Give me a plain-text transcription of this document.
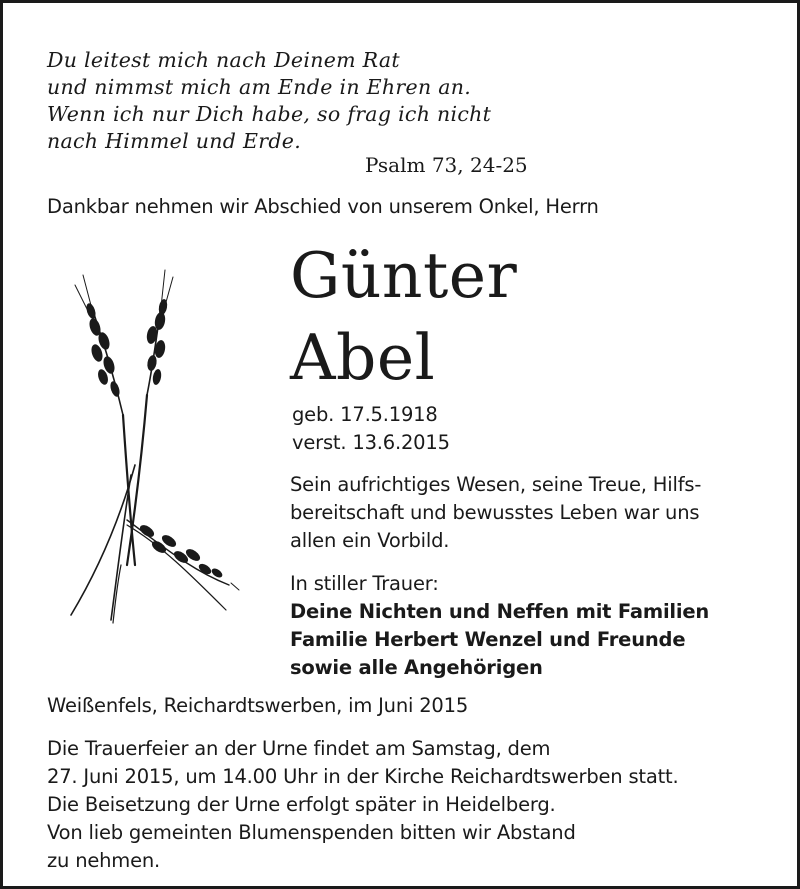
Du leitest mich nach Deinem Rat
und nimmst mich am Ende in Ehren an.
Wenn ich nur Dich habe, so frag ich nicht
nach Himmel und Erde.
Psalm 73, 24-25
Dankbar nehmen wir Abschied von unserem Onkel, Herrn
Günter
Abel
geb. 17.5.1918
verst. 13.6.2015
Sein aufrichtiges Wesen, seine Treue, Hilfs-
bereitschaft und bewusstes Leben war uns
allen ein Vorbild.
In stiller Trauer:
Deine Nichten und Neffen mit Familien
Familie Herbert Wenzel und Freunde
sowie alle Angehörigen
Weißenfels, Reichardtswerben, im Juni 2015
Die Trauerfeier an der Urne findet am Samstag, dem
27. Juni 2015, um 14.00 Uhr in der Kirche Reichardtswerben statt.
Die Beisetzung der Urne erfolgt später in Heidelberg.
Von lieb gemeinten Blumenspenden bitten wir Abstand
zu nehmen.
